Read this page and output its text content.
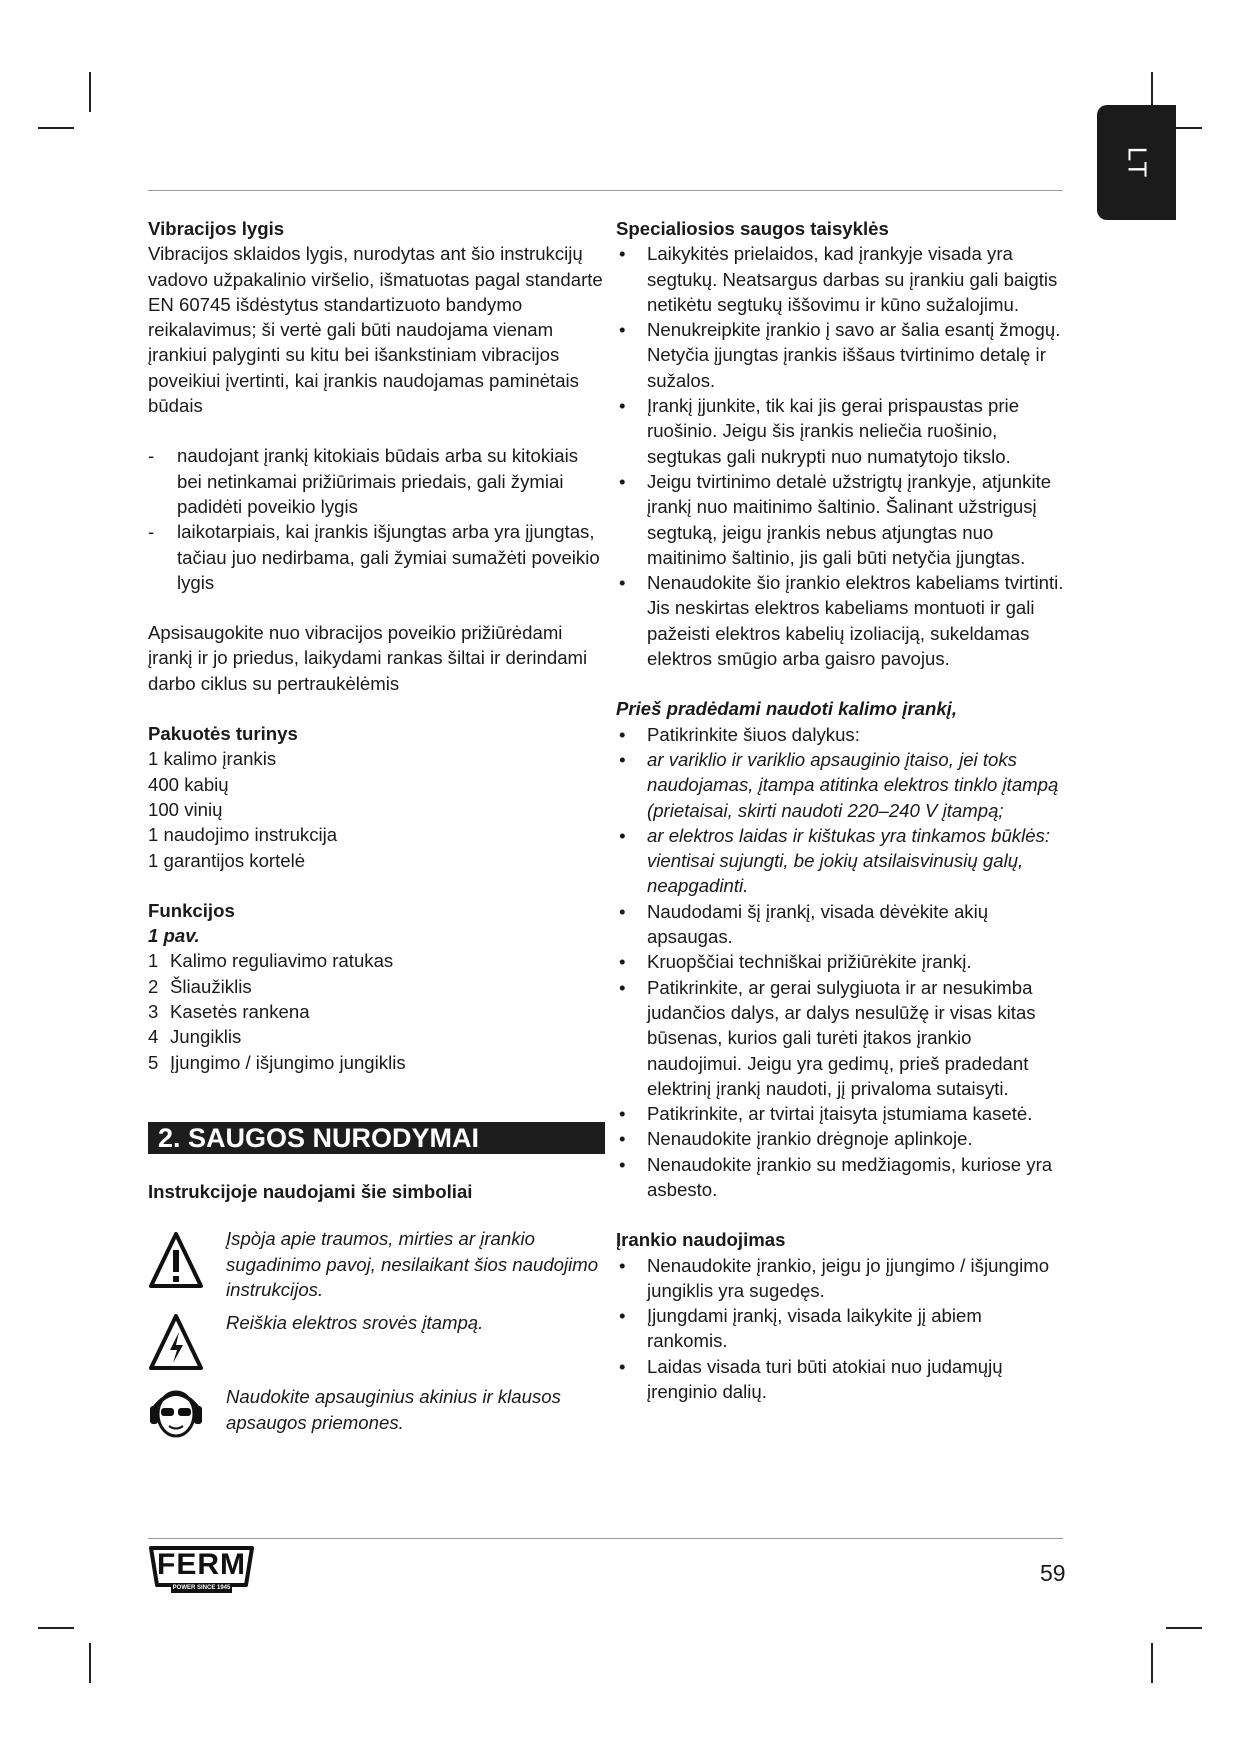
LT

Vibracijos lygis

Vibracijos sklaidos lygis, nurodytas ant šio instrukcijų vadovo užpakalinio viršelio, išmatuotas pagal standarte EN 60745 išdėstytus standartizuoto bandymo reikalavimus; ši vertė gali būti naudojama vienam įrankiui palyginti su kitu bei išankstiniam vibracijos poveikiui įvertinti, kai įrankis naudojamas paminėtais būdais

- naudojant įrankį kitokiais būdais arba su kitokiais bei netinkamai prižiūrimais priedais, gali žymiai padidėti poveikio lygis
- laikotarpiais, kai įrankis išjungtas arba yra įjungtas, tačiau juo nedirbama, gali žymiai sumažėti poveikio lygis

Apsisaugokite nuo vibracijos poveikio prižiūrėdami įrankį ir jo priedus, laikydami rankas šiltai ir derindami darbo ciklus su pertraukėlėmis

Pakuotės turinys

1 kalimo įrankis
400 kabių
100 vinių
1 naudojimo instrukcija
1 garantijos kortelė

Funkcijos

1 pav.

1 Kalimo reguliavimo ratukas
2 Šliaužiklis
3 Kasetės rankena
4 Jungiklis
5 Įjungimo / išjungimo jungiklis
2. SAUGOS NURODYMAI

Instrukcijoje naudojami šie simboliai

Įspòja apie traumos, mirties ar įrankio sugadinimo pavoj, nesilaikant šios naudojimo instrukcijos.

Reiškia elektros srovės įtampą.

Naudokite apsauginius akinius ir klausos apsaugos priemones.

Specialiosios saugos taisyklės

• Laikykitės prielaidos, kad įrankyje visada yra segtukų. Neatsargus darbas su įrankiu gali baigtis netikėtu segtukų iššovimu ir kūno sužalojimu.
• Nenukreipkite įrankio į savo ar šalia esantį žmogų. Netyčia įjungtas įrankis iššaus tvirtinimo detalę ir sužalos.
• Įrankį įjunkite, tik kai jis gerai prispaustas prie ruošinio. Jeigu šis įrankis neliečia ruošinio, segtukas gali nukrypti nuo numatytojo tikslo.
• Jeigu tvirtinimo detalė užstrigtų įrankyje, atjunkite įrankį nuo maitinimo šaltinio. Šalinant užstrigusį segtuką, jeigu įrankis nebus atjungtas nuo maitinimo šaltinio, jis gali būti netyčia įjungtas.
• Nenaudokite šio įrankio elektros kabeliams tvirtinti. Jis neskirtas elektros kabeliams montuoti ir gali pažeisti elektros kabelių izoliaciją, sukeldamas elektros smūgio arba gaisro pavojus.

Prieš pradėdami naudoti kalimo įrankį,

• Patikrinkite šiuos dalykus:
• ar variklio ir variklio apsauginio įtaiso, jei toks naudojamas, įtampa atitinka elektros tinklo įtampą (prietaisai, skirti naudoti 220–240 V įtampą;
• ar elektros laidas ir kištukas yra tinkamos būklės: vientisai sujungti, be jokių atsilaisvinusių galų, neapgadinti.
• Naudodami šį įrankį, visada dėvėkite akių apsaugas.
• Kruopščiai techniškai prižiūrėkite įrankį.
• Patikrinkite, ar gerai sulygiuota ir ar nesukimba judančios dalys, ar dalys nesulūžę ir visas kitas būsenas, kurios gali turėti įtakos įrankio naudojimui. Jeigu yra gedimų, prieš pradedant elektrinį įrankį naudoti, jį privaloma sutaisyti.
• Patikrinkite, ar tvirtai įtaisyta įstumiama kasetė.
• Nenaudokite įrankio drėgnoje aplinkoje.
• Nenaudokite įrankio su medžiagomis, kuriose yra asbesto.

Įrankio naudojimas

• Nenaudokite įrankio, jeigu jo įjungimo / išjungimo jungiklis yra sugedęs.
• Įjungdami įrankį, visada laikykite jį abiem rankomis.
• Laidas visada turi būti atokiai nuo judamųjų įrenginio dalių.
FERM
POWER SINCE 1945
59
